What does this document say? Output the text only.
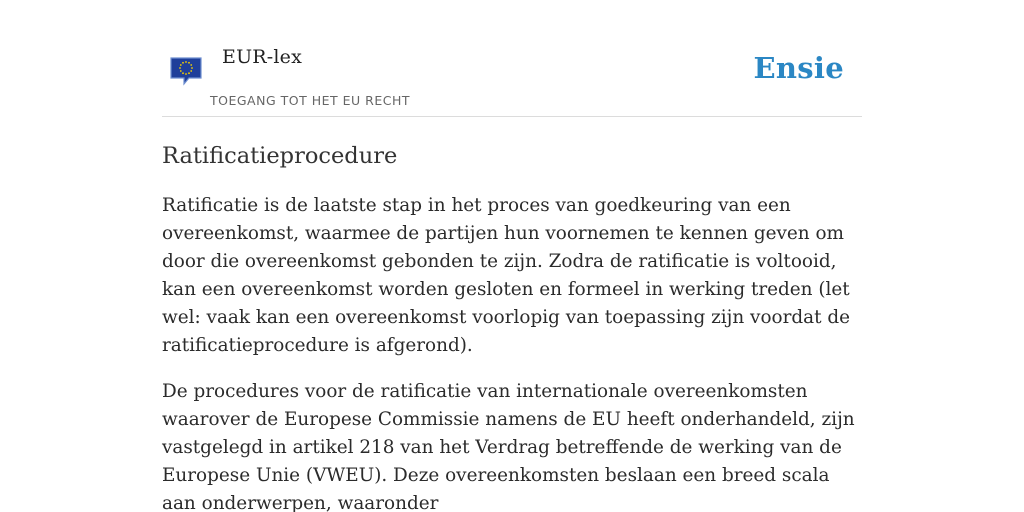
EUR-lex
TOEGANG TOT HET EU RECHT
Ensie
Ratificatieprocedure

Ratificatie is de laatste stap in het proces van goedkeuring van een overeenkomst, waarmee de partijen hun voornemen te kennen geven om door die overeenkomst gebonden te zijn. Zodra de ratificatie is voltooid, kan een overeenkomst worden gesloten en formeel in werking treden (let wel: vaak kan een overeenkomst voorlopig van toepassing zijn voordat de ratificatieprocedure is afgerond).

De procedures voor de ratificatie van internationale overeenkomsten waarover de Europese Commissie namens de EU heeft onderhandeld, zijn vastgelegd in artikel 218 van het Verdrag betreffende de werking van de Europese Unie (VWEU). Deze overeenkomsten beslaan een breed scala aan onderwerpen, waaronder
